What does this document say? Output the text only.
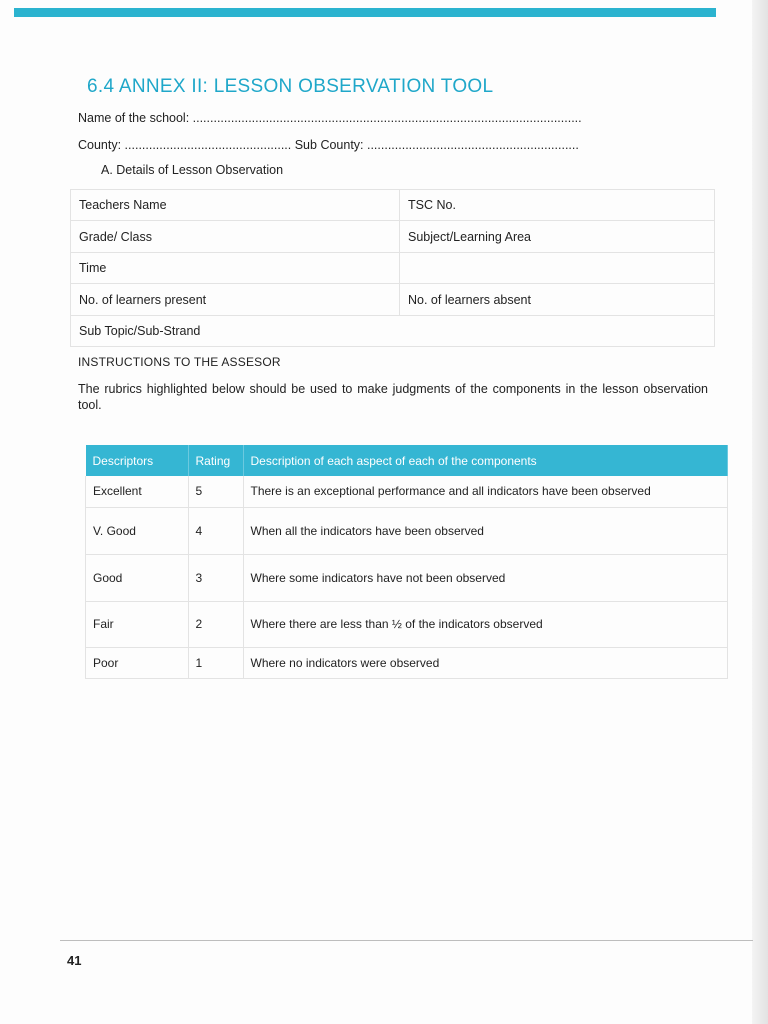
6.4 ANNEX II: LESSON OBSERVATION TOOL
Name of the school: ................................................................................................................
County: ................................................ Sub County: .............................................................
A. Details of Lesson Observation
Teachers Name	TSC No.
Grade/ Class	Subject/Learning Area
Time	
No. of learners present	No. of learners absent
Sub Topic/Sub-Strand	
INSTRUCTIONS TO THE ASSESOR
The rubrics highlighted below should be used to make judgments of the components in the lesson observation tool.
Descriptors	Rating	Description of each aspect of each of the components
Excellent	5	There is an exceptional performance and all indicators have been observed
V. Good	4	When all the indicators have been observed
Good	3	Where some indicators have not been observed
Fair	2	Where there are less than ½ of the indicators observed
Poor	1	Where no indicators were observed
41
